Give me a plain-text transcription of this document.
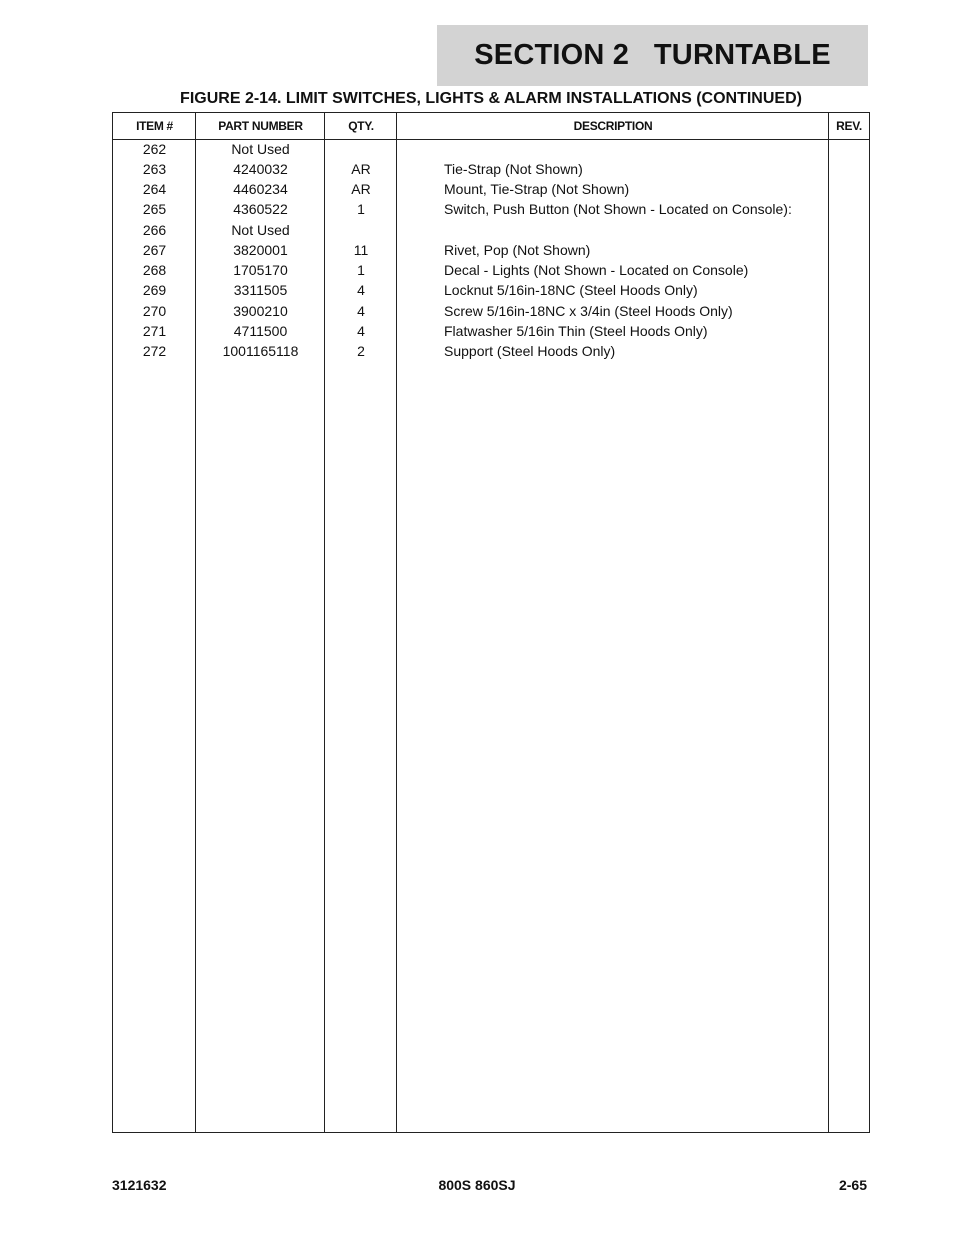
SECTION 2   TURNTABLE
FIGURE 2-14. LIMIT SWITCHES, LIGHTS & ALARM INSTALLATIONS (CONTINUED)
ITEM #	PART NUMBER	QTY.	DESCRIPTION	REV.
262	Not Used
263	4240032	AR	Tie-Strap (Not Shown)
264	4460234	AR	Mount, Tie-Strap (Not Shown)
265	4360522	1	Switch, Push Button (Not Shown - Located on Console):
266	Not Used
267	3820001	11	Rivet, Pop (Not Shown)
268	1705170	1	Decal - Lights (Not Shown - Located on Console)
269	3311505	4	Locknut 5/16in-18NC (Steel Hoods Only)
270	3900210	4	Screw 5/16in-18NC x 3/4in (Steel Hoods Only)
271	4711500	4	Flatwasher 5/16in Thin (Steel Hoods Only)
272	1001165118	2	Support (Steel Hoods Only)
3121632	800S 860SJ	2-65
